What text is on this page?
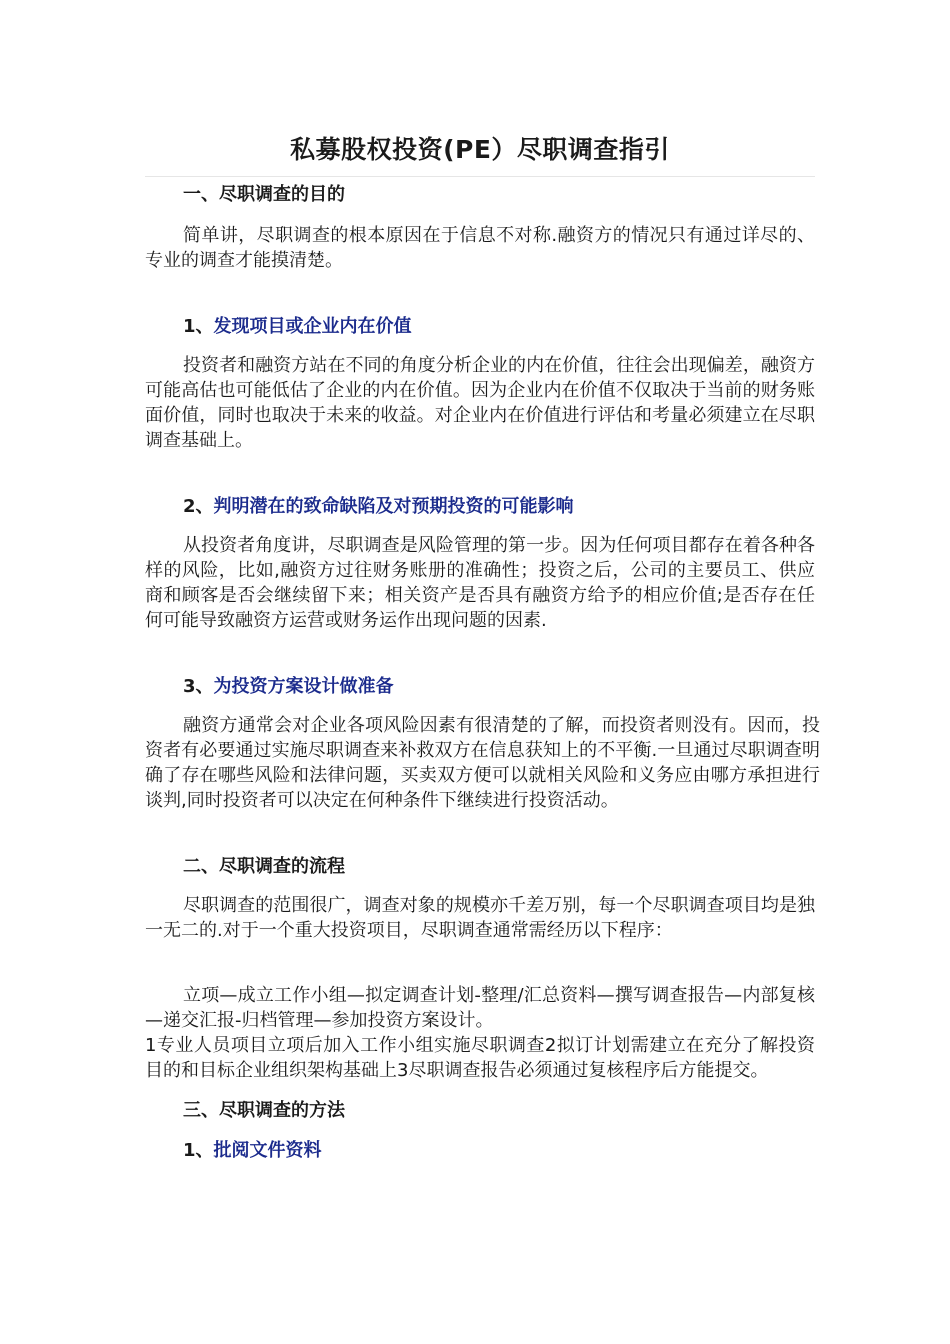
私募股权投资(PE）尽职调查指引
一、尽职调查的目的

简单讲，尽职调查的根本原因在于信息不对称.融资方的情况只有通过详尽的、专业的调查才能摸清楚。

1、发现项目或企业内在价值

投资者和融资方站在不同的角度分析企业的内在价值，往往会出现偏差，融资方可能高估也可能低估了企业的内在价值。因为企业内在价值不仅取决于当前的财务账面价值，同时也取决于未来的收益。对企业内在价值进行评估和考量必须建立在尽职调查基础上。

2、判明潜在的致命缺陷及对预期投资的可能影响

从投资者角度讲，尽职调查是风险管理的第一步。因为任何项目都存在着各种各样的风险，比如,融资方过往财务账册的准确性；投资之后，公司的主要员工、供应商和顾客是否会继续留下来；相关资产是否具有融资方给予的相应价值;是否存在任何可能导致融资方运营或财务运作出现问题的因素.

3、为投资方案设计做准备

融资方通常会对企业各项风险因素有很清楚的了解，而投资者则没有。因而，投资者有必要通过实施尽职调查来补救双方在信息获知上的不平衡.一旦通过尽职调查明确了存在哪些风险和法律问题，买卖双方便可以就相关风险和义务应由哪方承担进行谈判,同时投资者可以决定在何种条件下继续进行投资活动。

二、尽职调查的流程

尽职调查的范围很广，调查对象的规模亦千差万别，每一个尽职调查项目均是独一无二的.对于一个重大投资项目，尽职调查通常需经历以下程序：

立项—成立工作小组—拟定调查计划-整理/汇总资料—撰写调查报告—内部复核—递交汇报-归档管理—参加投资方案设计。

1专业人员项目立项后加入工作小组实施尽职调查2拟订计划需建立在充分了解投资目的和目标企业组织架构基础上3尽职调查报告必须通过复核程序后方能提交。

三、尽职调查的方法
1、批阅文件资料
